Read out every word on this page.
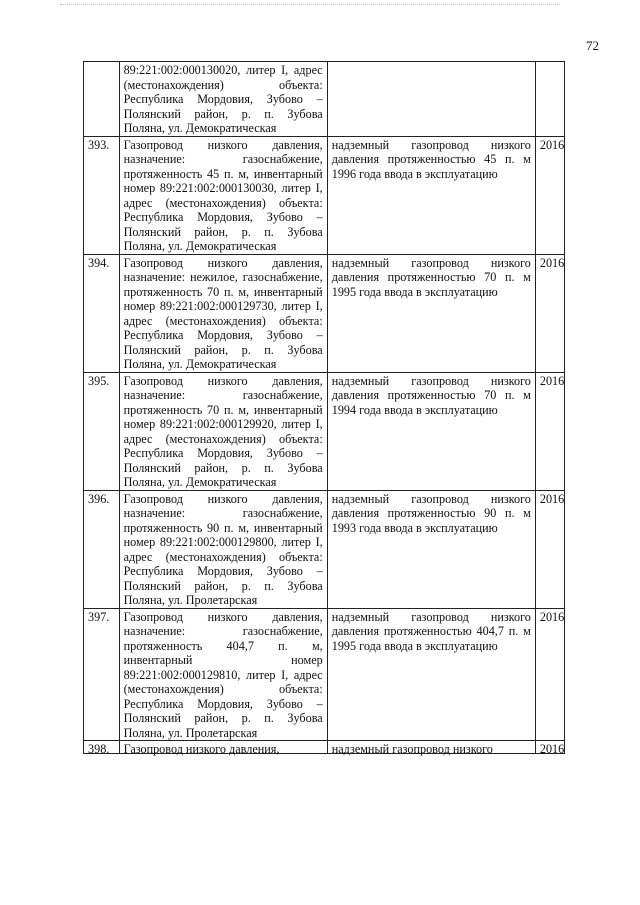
72
	89:221:002:000130020, литер I, адрес (местонахождения) объекта: Республика Мордовия, Зубово – Полянский район, р. п. Зубова Поляна, ул. Демократическая		
393.	Газопровод низкого давления, назначение: газоснабжение, протяженность 45 п. м, инвентарный номер 89:221:002:000130030, литер I, адрес (местонахождения) объекта: Республика Мордовия, Зубово – Полянский район, р. п. Зубова Поляна, ул. Демократическая	надземный газопровод низкого давления протяженностью 45 п. м 1996 года ввода в эксплуатацию	2016
394.	Газопровод низкого давления, назначение: нежилое, газоснабжение, протяженность 70 п. м, инвентарный номер 89:221:002:000129730, литер I, адрес (местонахождения) объекта: Республика Мордовия, Зубово – Полянский район, р. п. Зубова Поляна, ул. Демократическая	надземный газопровод низкого давления протяженностью 70 п. м 1995 года ввода в эксплуатацию	2016
395.	Газопровод низкого давления, назначение: газоснабжение, протяженность 70 п. м, инвентарный номер 89:221:002:000129920, литер I, адрес (местонахождения) объекта: Республика Мордовия, Зубово – Полянский район, р. п. Зубова Поляна, ул. Демократическая	надземный газопровод низкого давления протяженностью 70 п. м 1994 года ввода в эксплуатацию	2016
396.	Газопровод низкого давления, назначение: газоснабжение, протяженность 90 п. м, инвентарный номер 89:221:002:000129800, литер I, адрес (местонахождения) объекта: Республика Мордовия, Зубово – Полянский район, р. п. Зубова Поляна, ул. Пролетарская	надземный газопровод низкого давления протяженностью 90 п. м 1993 года ввода в эксплуатацию	2016
397.	Газопровод низкого давления, назначение: газоснабжение, протяженность 404,7 п. м, инвентарный номер 89:221:002:000129810, литер I, адрес (местонахождения) объекта: Республика Мордовия, Зубово – Полянский район, р. п. Зубова Поляна, ул. Пролетарская	надземный газопровод низкого давления протяженностью 404,7 п. м 1995 года ввода в эксплуатацию	2016

398.	Газопровод низкого давления,	надземный газопровод низкого	2016
